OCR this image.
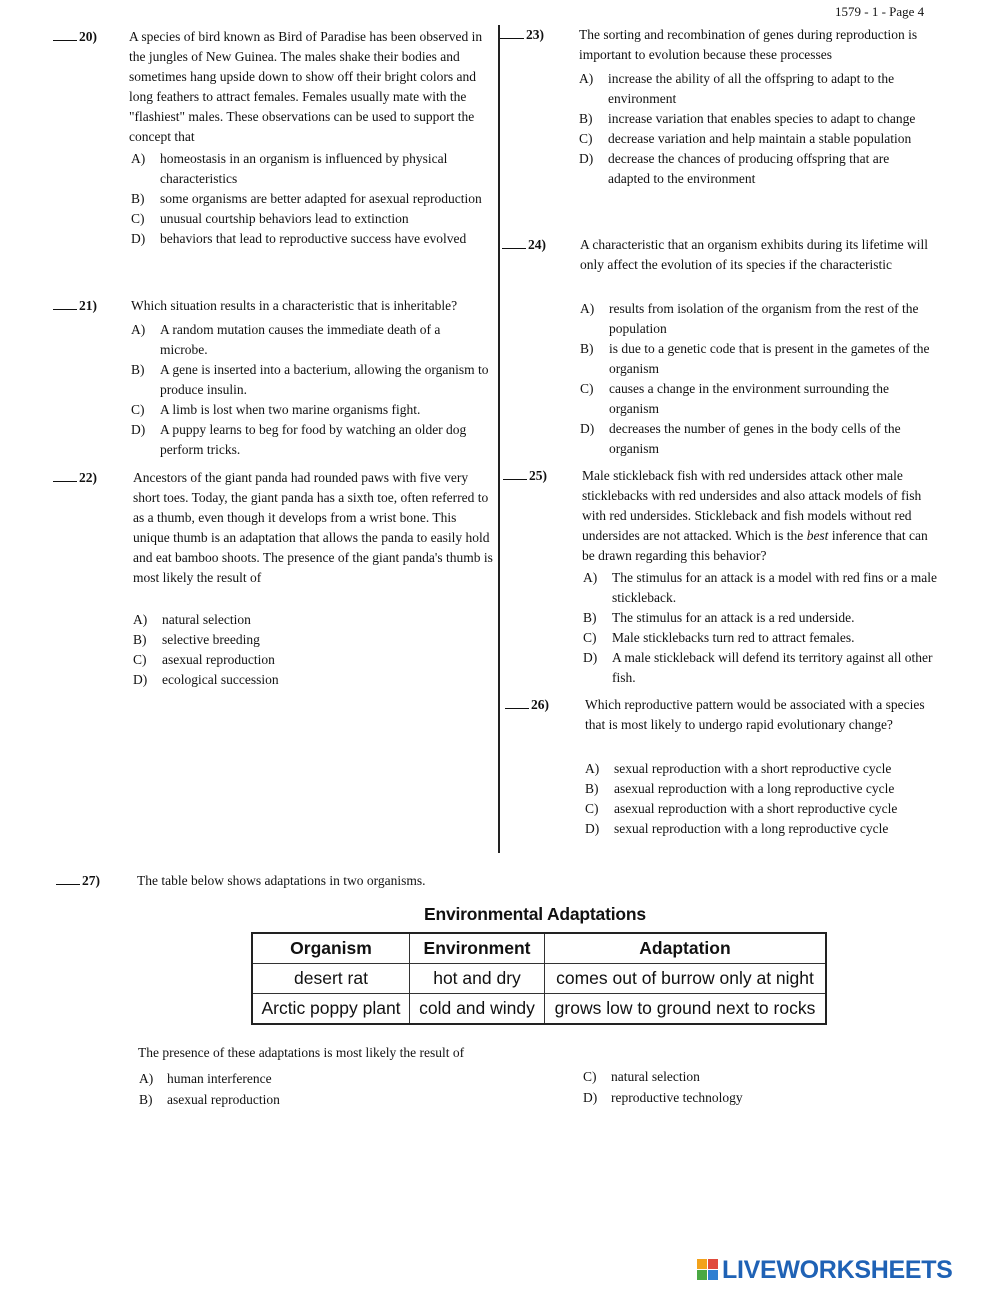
1579 - 1 - Page 4
20) A species of bird known as Bird of Paradise has been observed in the jungles of New Guinea. The males shake their bodies and sometimes hang upside down to show off their bright colors and long feathers to attract females. Females usually mate with the "flashiest" males. These observations can be used to support the concept that
A) homeostasis in an organism is influenced by physical characteristics
B) some organisms are better adapted for asexual reproduction
C) unusual courtship behaviors lead to extinction
D) behaviors that lead to reproductive success have evolved
21)	Which situation results in a characteristic that is inheritable?
A) A random mutation causes the immediate death of a microbe.
B) A gene is inserted into a bacterium, allowing the organism to produce insulin.
C) A limb is lost when two marine organisms fight.
D) A puppy learns to beg for food by watching an older dog perform tricks.
22)	Ancestors of the giant panda had rounded paws with five very short toes. Today, the giant panda has a sixth toe, often referred to as a thumb, even though it develops from a wrist bone. This unique thumb is an adaptation that allows the panda to easily hold and eat bamboo shoots. The presence of the giant panda's thumb is most likely the result of
A) natural selection
B) selective breeding
C) asexual reproduction
D) ecological succession
23)	The sorting and recombination of genes during reproduction is important to evolution because these processes
A) increase the ability of all the offspring to adapt to the environment
B) increase variation that enables species to adapt to change
C) decrease variation and help maintain a stable population
D) decrease the chances of producing offspring that are adapted to the environment
24)	A characteristic that an organism exhibits during its lifetime will only affect the evolution of its species if the characteristic
A) results from isolation of the organism from the rest of the population
B) is due to a genetic code that is present in the gametes of the organism
C) causes a change in the environment surrounding the organism
D) decreases the number of genes in the body cells of the organism
25)	Male stickleback fish with red undersides attack other male sticklebacks with red undersides and also attack models of fish with red undersides. Stickleback and fish models without red undersides are not attacked. Which is the best inference that can be drawn regarding this behavior?
A) The stimulus for an attack is a model with red fins or a male stickleback.
B) The stimulus for an attack is a red underside.
C) Male sticklebacks turn red to attract females.
D) A male stickleback will defend its territory against all other fish.
26)	Which reproductive pattern would be associated with a species that is most likely to undergo rapid evolutionary change?
A) sexual reproduction with a short reproductive cycle
B) asexual reproduction with a long reproductive cycle
C) asexual reproduction with a short reproductive cycle
D) sexual reproduction with a long reproductive cycle
27)	The table below shows adaptations in two organisms.
Environmental Adaptations
Organism	Environment	Adaptation
desert rat	hot and dry	comes out of burrow only at night
Arctic poppy plant	cold and windy	grows low to ground next to rocks
The presence of these adaptations is most likely the result of
A) human interference
B) asexual reproduction
C) natural selection
D) reproductive technology
LIVEWORKSHEETS
